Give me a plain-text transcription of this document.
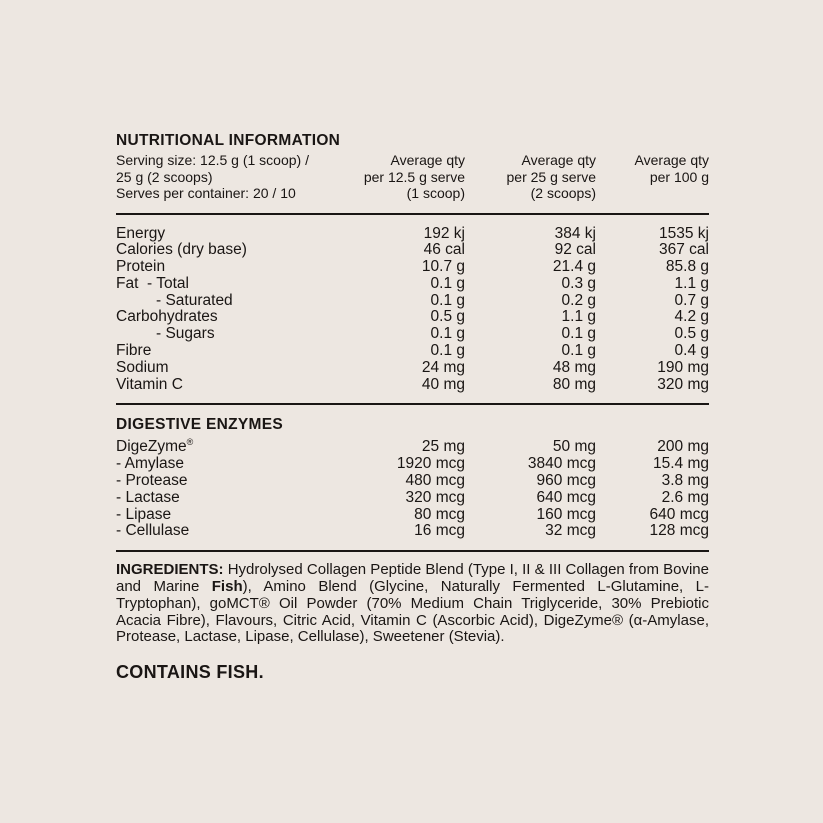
NUTRITIONAL INFORMATION
Serving size: 12.5 g (1 scoop) /
25 g (2 scoops)
Serves per container: 20 / 10
Average qty
per 12.5 g serve
(1 scoop)
Average qty
per 25 g serve
(2 scoops)
Average qty
per 100 g
Energy	192 kj	384 kj	1535 kj
Calories (dry base)	46 cal	92 cal	367 cal
Protein	10.7 g	21.4 g	85.8 g
Fat  - Total	0.1 g	0.3 g	1.1 g
- Saturated	0.1 g	0.2 g	0.7 g
Carbohydrates	0.5 g	1.1 g	4.2 g
- Sugars	0.1 g	0.1 g	0.5 g
Fibre	0.1 g	0.1 g	0.4 g
Sodium	24 mg	48 mg	190 mg
Vitamin C	40 mg	80 mg	320 mg
DIGESTIVE ENZYMES
DigeZyme®	25 mg	50 mg	200 mg
- Amylase	1920 mcg	3840 mcg	15.4 mg
- Protease	480 mcg	960 mcg	3.8 mg
- Lactase	320 mcg	640 mcg	2.6 mg
- Lipase	80 mcg	160 mcg	640 mcg
- Cellulase	16 mcg	32 mcg	128 mcg

INGREDIENTS: Hydrolysed Collagen Peptide Blend (Type I, II & III Collagen from Bovine and Marine Fish), Amino Blend (Glycine, Naturally Fermented L-Glutamine, L-Tryptophan), goMCT® Oil Powder (70% Medium Chain Triglyceride, 30% Prebiotic Acacia Fibre), Flavours, Citric Acid, Vitamin C (Ascorbic Acid), DigeZyme® (α-Amylase, Protease, Lactase, Lipase, Cellulase), Sweetener (Stevia).

CONTAINS FISH.
